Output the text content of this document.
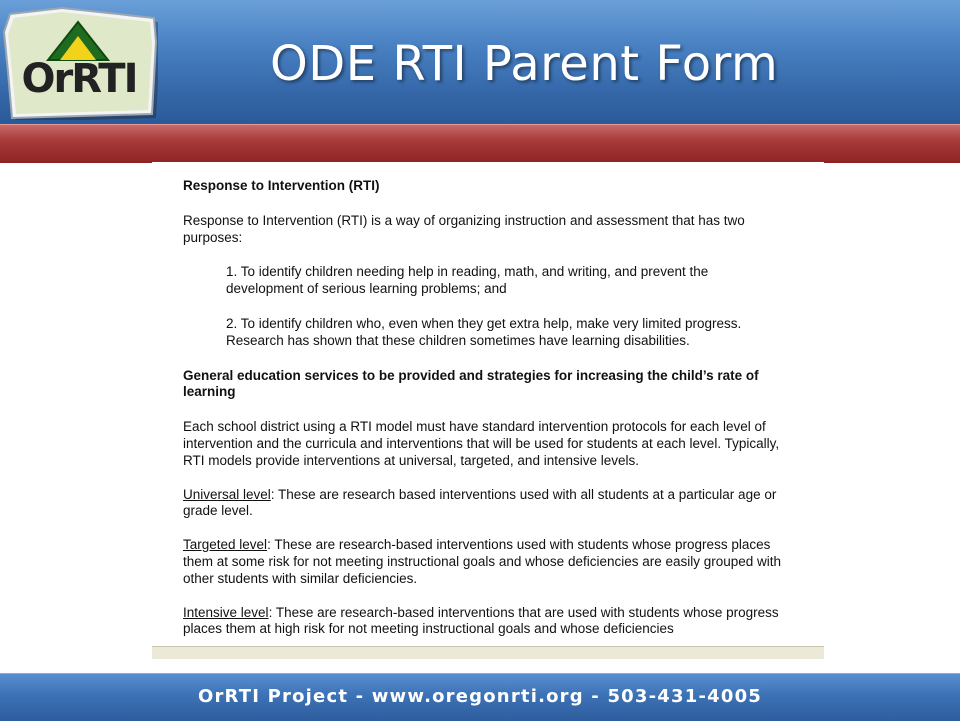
OrRTI	ODE RTI Parent Form

Response to Intervention (RTI)

Response to Intervention (RTI) is a way of organizing instruction and assessment that has two purposes:

1. To identify children needing help in reading, math, and writing, and prevent the development of serious learning problems; and

2. To identify children who, even when they get extra help, make very limited progress. Research has shown that these children sometimes have learning disabilities.

General education services to be provided and strategies for increasing the child’s rate of learning

Each school district using a RTI model must have standard intervention protocols for each level of intervention and the curricula and interventions that will be used for students at each level. Typically, RTI models provide interventions at universal, targeted, and intensive levels.

Universal level: These are research based interventions used with all students at a particular age or grade level.

Targeted level: These are research-based interventions used with students whose progress places them at some risk for not meeting instructional goals and whose deficiencies are easily grouped with other students with similar deficiencies.

Intensive level: These are research-based interventions that are used with students whose progress places them at high risk for not meeting instructional goals and whose deficiencies

OrRTI Project - www.oregonrti.org - 503-431-4005
